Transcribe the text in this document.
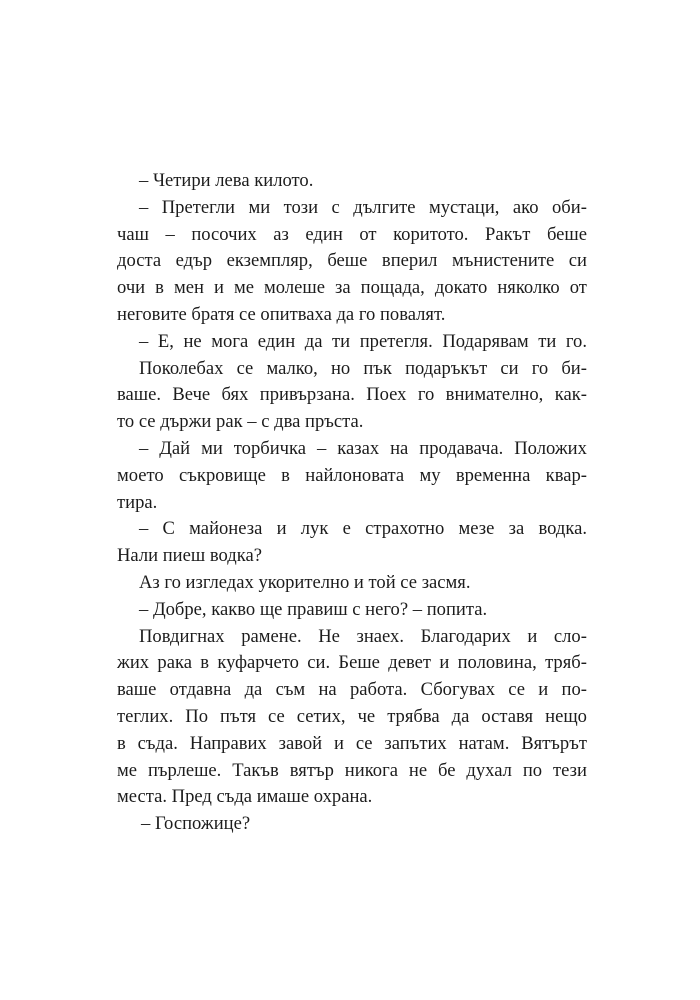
– Четири лева килото.
– Претегли ми този с дългите мустаци, ако оби-
чаш – посочих аз един от коритото. Ракът беше
доста едър екземпляр, беше вперил мънистените си
очи в мен и ме молеше за пощада, докато няколко от
неговите братя се опитваха да го повалят.
– Е, не мога един да ти претегля. Подарявам ти го.
Поколебах се малко, но пък подаръкът си го би-
ваше. Вече бях привързана. Поех го внимателно, как-
то се държи рак – с два пръста.
– Дай ми торбичка – казах на продавача. Положих
моето съкровище в найлоновата му временна квар-
тира.
– С майонеза и лук е страхотно мезе за водка.
Нали пиеш водка?
Аз го изгледах укорително и той се засмя.
– Добре, какво ще правиш с него? – попита.
Повдигнах рамене. Не знаех. Благодарих и сло-
жих рака в куфарчето си. Беше девет и половина, тряб-
ваше отдавна да съм на работа. Сбогувах се и по-
теглих. По пътя се сетих, че трябва да оставя нещо
в съда. Направих завой и се запътих натам. Вятърът
ме пърлеше. Такъв вятър никога не бе духал по тези
места. Пред съда имаше охрана.
– Госпожице?
